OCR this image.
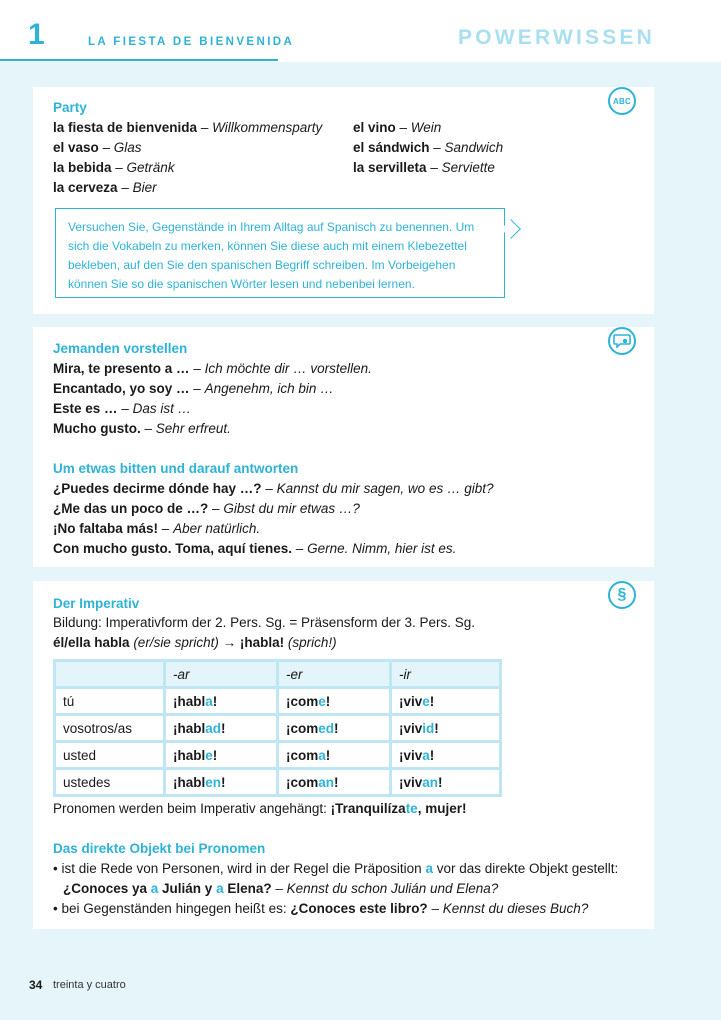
1	LA FIESTA DE BIENVENIDA	POWERWISSEN
ABC
Party
la fiesta de bienvenida – Willkommensparty
el vaso – Glas
la bebida – Getränk
la cerveza – Bier
el vino – Wein
el sándwich – Sandwich
la servilleta – Serviette
Versuchen Sie, Gegenstände in Ihrem Alltag auf Spanisch zu benennen. Um
sich die Vokabeln zu merken, können Sie diese auch mit einem Klebezettel
bekleben, auf den Sie den spanischen Begriff schreiben. Im Vorbeigehen
können Sie so die spanischen Wörter lesen und nebenbei lernen.
Jemanden vorstellen
Mira, te presento a … – Ich möchte dir … vorstellen.
Encantado, yo soy … – Angenehm, ich bin …
Este es … – Das ist …
Mucho gusto. – Sehr erfreut.
Um etwas bitten und darauf antworten
¿Puedes decirme dónde hay …? – Kannst du mir sagen, wo es … gibt?
¿Me das un poco de …? – Gibst du mir etwas …?
¡No faltaba más! – Aber natürlich.
Con mucho gusto. Toma, aquí tienes. – Gerne. Nimm, hier ist es.
§
Der Imperativ
Bildung: Imperativform der 2. Pers. Sg. = Präsensform der 3. Pers. Sg.
él/ella habla (er/sie spricht) → ¡habla! (sprich!)
	-ar	-er	-ir
tú	¡habla!	¡come!	¡vive!
vosotros/as	¡hablad!	¡comed!	¡vivid!
usted	¡hable!	¡coma!	¡viva!
ustedes	¡hablen!	¡coman!	¡vivan!
Pronomen werden beim Imperativ angehängt: ¡Tranquilízate, mujer!
Das direkte Objekt bei Pronomen
• ist die Rede von Personen, wird in der Regel die Präposition a vor das direkte Objekt gestellt:
¿Conoces ya a Julián y a Elena? – Kennst du schon Julián und Elena?
• bei Gegenständen hingegen heißt es: ¿Conoces este libro? – Kennst du dieses Buch?
34 treinta y cuatro
